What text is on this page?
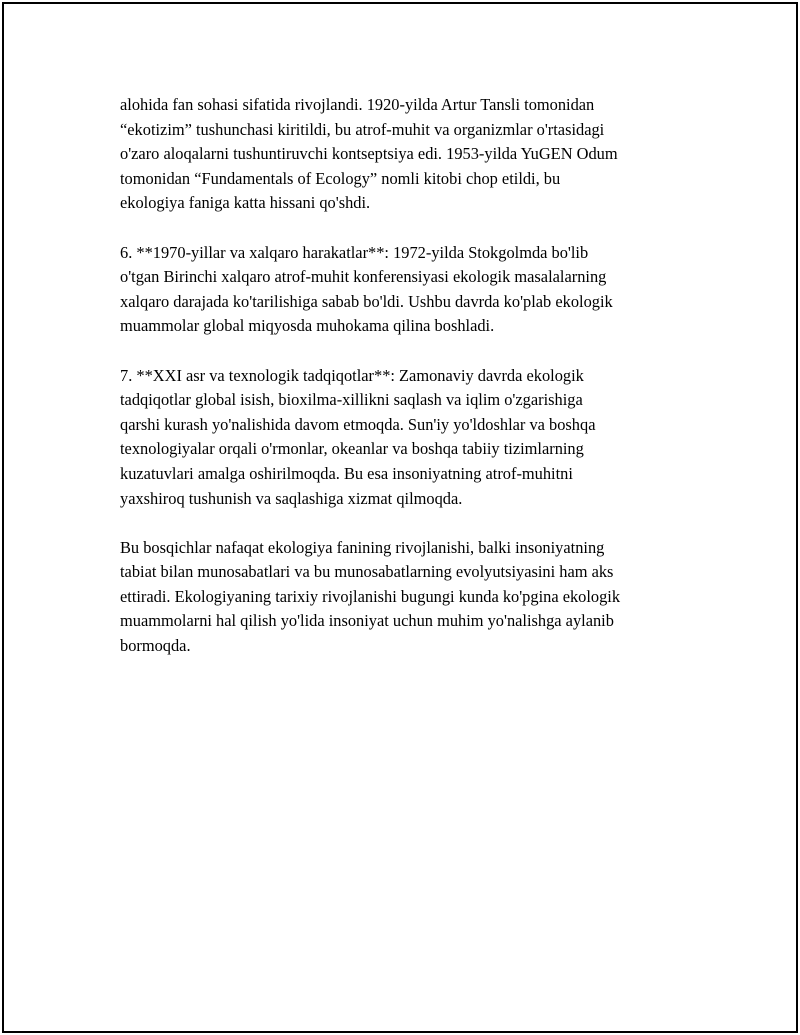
alohida fan sohasi sifatida rivojlandi. 1920-yilda Artur Tansli tomonidan
“ekotizim” tushunchasi kiritildi, bu atrof-muhit va organizmlar o'rtasidagi
o'zaro aloqalarni tushuntiruvchi kontseptsiya edi. 1953-yilda YuGEN Odum
tomonidan “Fundamentals of Ecology” nomli kitobi chop etildi, bu
ekologiya faniga katta hissani qo'shdi.

6. **1970-yillar va xalqaro harakatlar**: 1972-yilda Stokgolmda bo'lib
o'tgan Birinchi xalqaro atrof-muhit konferensiyasi ekologik masalalarning
xalqaro darajada ko'tarilishiga sabab bo'ldi. Ushbu davrda ko'plab ekologik
muammolar global miqyosda muhokama qilina boshladi.

7. **XXI asr va texnologik tadqiqotlar**: Zamonaviy davrda ekologik
tadqiqotlar global isish, bioxilma-xillikni saqlash va iqlim o'zgarishiga
qarshi kurash yo'nalishida davom etmoqda. Sun'iy yo'ldoshlar va boshqa
texnologiyalar orqali o'rmonlar, okeanlar va boshqa tabiiy tizimlarning
kuzatuvlari amalga oshirilmoqda. Bu esa insoniyatning atrof-muhitni
yaxshiroq tushunish va saqlashiga xizmat qilmoqda.

Bu bosqichlar nafaqat ekologiya fanining rivojlanishi, balki insoniyatning
tabiat bilan munosabatlari va bu munosabatlarning evolyutsiyasini ham aks
ettiradi. Ekologiyaning tarixiy rivojlanishi bugungi kunda ko'pgina ekologik
muammolarni hal qilish yo'lida insoniyat uchun muhim yo'nalishga aylanib
bormoqda.
